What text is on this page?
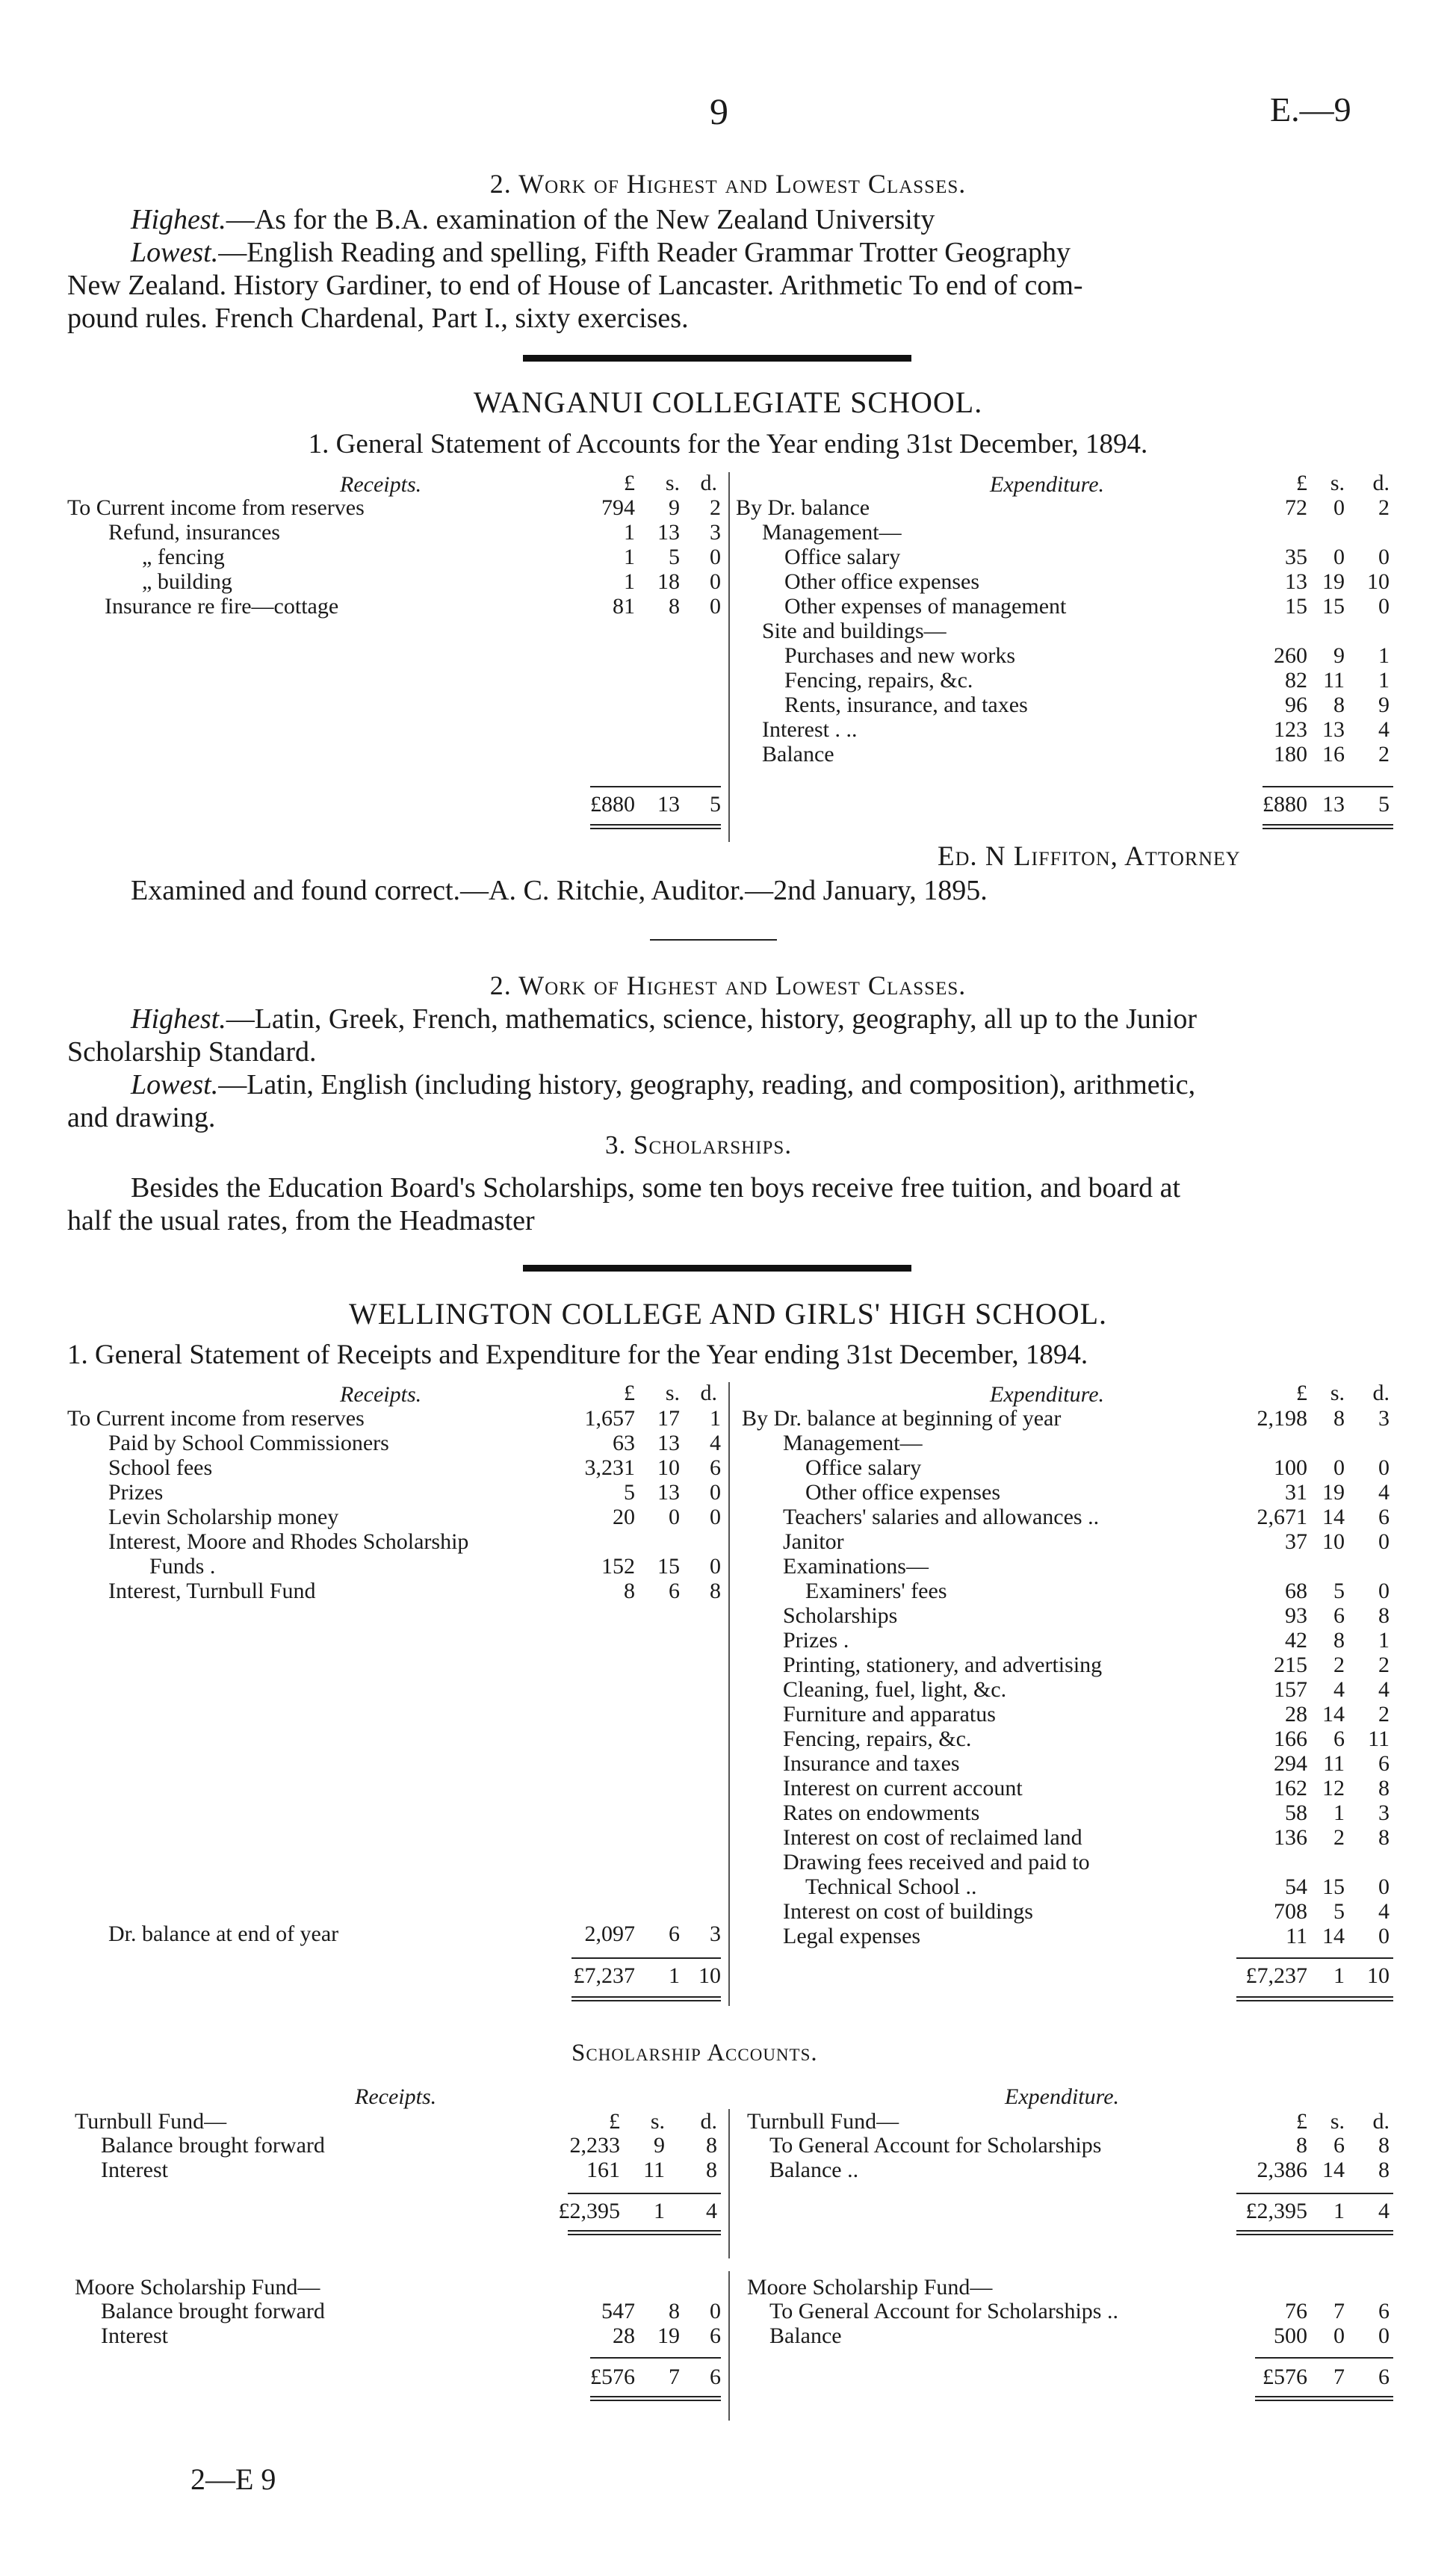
9	E.—9
2. Work of Highest and Lowest Classes.
Highest.—As for the B.A. examination of the New Zealand University
Lowest.—English Reading and spelling, Fifth Reader Grammar Trotter Geography
New Zealand. History Gardiner, to end of House of Lancaster. Arithmetic To end of com-
pound rules. French Chardenal, Part I., sixty exercises.
WANGANUI COLLEGIATE SCHOOL.
1. General Statement of Accounts for the Year ending 31st December, 1894.
Receipts.	£	s. d.	Expenditure.	£	s.	d.
To Current income from reserves	794	9	2
Refund, insurances	1	13	3
„ fencing	1	5	0
„ building	1	18	0
Insurance re fire—cottage	81	8	0
By Dr. balance	72	0	2
Management—
Office salary	35	0	0
Other office expenses	13 19	10
Other expenses of management	15 15	0
Site and buildings—
Purchases and new works	260	9	1
Fencing, repairs, &c.	82 11	1
Rents, insurance, and taxes	96	8	9
Interest . ..	123 13	4
Balance	180 16	2
£880	13	5	£880 13	5
Ed. N Liffiton, Attorney
Examined and found correct.—A. C. Ritchie, Auditor.—2nd January, 1895.
2. Work of Highest and Lowest Classes.
Highest.—Latin, Greek, French, mathematics, science, history, geography, all up to the Junior
Scholarship Standard.
Lowest.—Latin, English (including history, geography, reading, and composition), arithmetic,
and drawing.
3. Scholarships.
Besides the Education Board's Scholarships, some ten boys receive free tuition, and board at
half the usual rates, from the Headmaster
WELLINGTON COLLEGE AND GIRLS' HIGH SCHOOL.
1. General Statement of Receipts and Expenditure for the Year ending 31st December, 1894.
Receipts.	£	s. d.	Expenditure.	£	s.	d.
To Current income from reserves	1,657	17	1
Paid by School Commissioners	63	13	4
School fees	3,231	10	6
Prizes	5	13	0
Levin Scholarship money	20	0	0
Interest, Moore and Rhodes Scholarship
Funds .	152	15	0
Interest, Turnbull Fund	8	6	8
Dr. balance at end of year	2,097	6	3
By Dr. balance at beginning of year	2,198	8	3
Management—
Office salary	100	0	0
Other office expenses	31 19	4
Teachers' salaries and allowances ..	2,671 14	6
Janitor	37 10	0
Examinations—
Examiners' fees	68	5	0
Scholarships	93	6	8
Prizes .	42	8	1
Printing, stationery, and advertising	215	2	2
Cleaning, fuel, light, &c.	157	4	4
Furniture and apparatus	28 14	2
Fencing, repairs, &c.	166	6	11
Insurance and taxes	294 11	6
Interest on current account	162 12	8
Rates on endowments	58	1	3
Interest on cost of reclaimed land	136	2	8
Drawing fees received and paid to
Technical School ..	54 15	0
Interest on cost of buildings	708	5	4
Legal expenses	11 14	0
£7,237	1 10	£7,237	1	10
Scholarship Accounts.
Receipts.	Expenditure.
£	s.	d.	£	s.	d.
Turnbull Fund—	Turnbull Fund—
Balance brought forward	2,233	9	8
Interest	161	11	8
To General Account for Scholarships	8	6	8
Balance ..	2,386 14	8
£2,395	1	4	£2,395	1	4
Moore Scholarship Fund—	Moore Scholarship Fund—
Balance brought forward	547	8	0
Interest	28	19	6
To General Account for Scholarships ..	76	7	6
Balance	500	0	0
£576	7	6	£576	7	6
2—E 9
